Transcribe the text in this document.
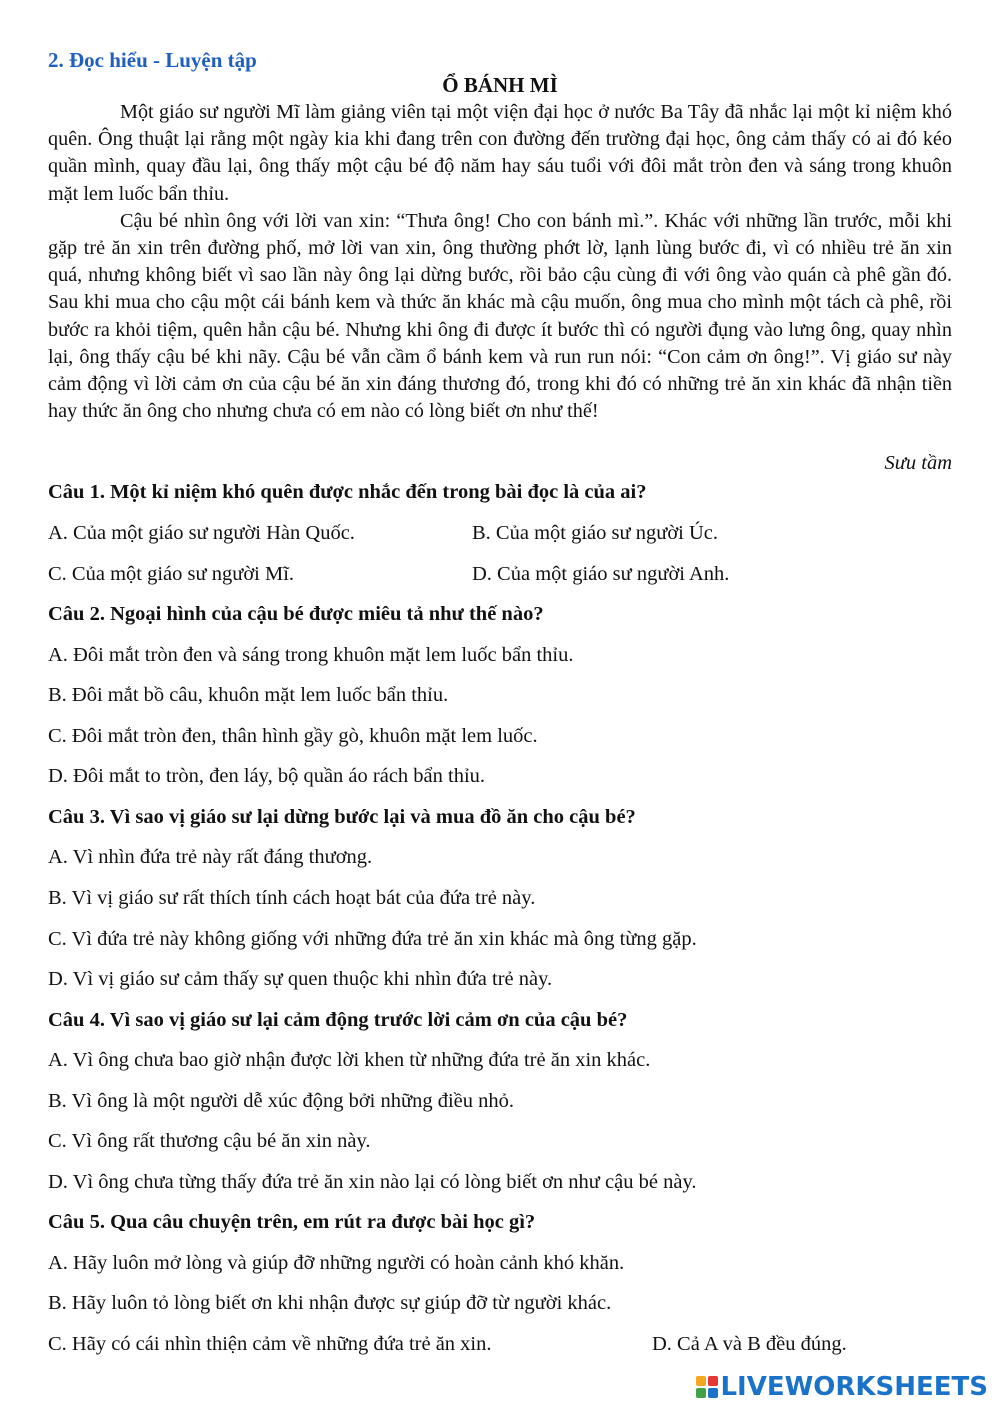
2. Đọc hiểu - Luyện tập
Ổ BÁNH MÌ

Một giáo sư người Mĩ làm giảng viên tại một viện đại học ở nước Ba Tây đã nhắc lại một kỉ niệm khó quên. Ông thuật lại rằng một ngày kia khi đang trên con đường đến trường đại học, ông cảm thấy có ai đó kéo quần mình, quay đầu lại, ông thấy một cậu bé độ năm hay sáu tuổi với đôi mắt tròn đen và sáng trong khuôn mặt lem luốc bẩn thỉu.

Cậu bé nhìn ông với lời van xin: “Thưa ông! Cho con bánh mì.”. Khác với những lần trước, mỗi khi gặp trẻ ăn xin trên đường phố, mở lời van xin, ông thường phớt lờ, lạnh lùng bước đi, vì có nhiều trẻ ăn xin quá, nhưng không biết vì sao lần này ông lại dừng bước, rồi bảo cậu cùng đi với ông vào quán cà phê gần đó. Sau khi mua cho cậu một cái bánh kem và thức ăn khác mà cậu muốn, ông mua cho mình một tách cà phê, rồi bước ra khỏi tiệm, quên hẳn cậu bé. Nhưng khi ông đi được ít bước thì có người đụng vào lưng ông, quay nhìn lại, ông thấy cậu bé khi nãy. Cậu bé vẫn cầm ổ bánh kem và run run nói: “Con cảm ơn ông!”. Vị giáo sư này cảm động vì lời cảm ơn của cậu bé ăn xin đáng thương đó, trong khi đó có những trẻ ăn xin khác đã nhận tiền hay thức ăn ông cho nhưng chưa có em nào có lòng biết ơn như thế!

Sưu tầm
Câu 1. Một kỉ niệm khó quên được nhắc đến trong bài đọc là của ai?
A. Của một giáo sư người Hàn Quốc.	B. Của một giáo sư người Úc.
C. Của một giáo sư người Mĩ.	D. Của một giáo sư người Anh.
Câu 2. Ngoại hình của cậu bé được miêu tả như thế nào?
A. Đôi mắt tròn đen và sáng trong khuôn mặt lem luốc bẩn thỉu.
B. Đôi mắt bồ câu, khuôn mặt lem luốc bẩn thỉu.
C. Đôi mắt tròn đen, thân hình gầy gò, khuôn mặt lem luốc.
D. Đôi mắt to tròn, đen láy, bộ quần áo rách bẩn thỉu.
Câu 3. Vì sao vị giáo sư lại dừng bước lại và mua đồ ăn cho cậu bé?
A. Vì nhìn đứa trẻ này rất đáng thương.
B. Vì vị giáo sư rất thích tính cách hoạt bát của đứa trẻ này.
C. Vì đứa trẻ này không giống với những đứa trẻ ăn xin khác mà ông từng gặp.
D. Vì vị giáo sư cảm thấy sự quen thuộc khi nhìn đứa trẻ này.
Câu 4. Vì sao vị giáo sư lại cảm động trước lời cảm ơn của cậu bé?
A. Vì ông chưa bao giờ nhận được lời khen từ những đứa trẻ ăn xin khác.
B. Vì ông là một người dễ xúc động bởi những điều nhỏ.
C. Vì ông rất thương cậu bé ăn xin này.
D. Vì ông chưa từng thấy đứa trẻ ăn xin nào lại có lòng biết ơn như cậu bé này.
Câu 5. Qua câu chuyện trên, em rút ra được bài học gì?
A. Hãy luôn mở lòng và giúp đỡ những người có hoàn cảnh khó khăn.
B. Hãy luôn tỏ lòng biết ơn khi nhận được sự giúp đỡ từ người khác.
C. Hãy có cái nhìn thiện cảm về những đứa trẻ ăn xin.	D. Cả A và B đều đúng.
LIVEWORKSHEETS
